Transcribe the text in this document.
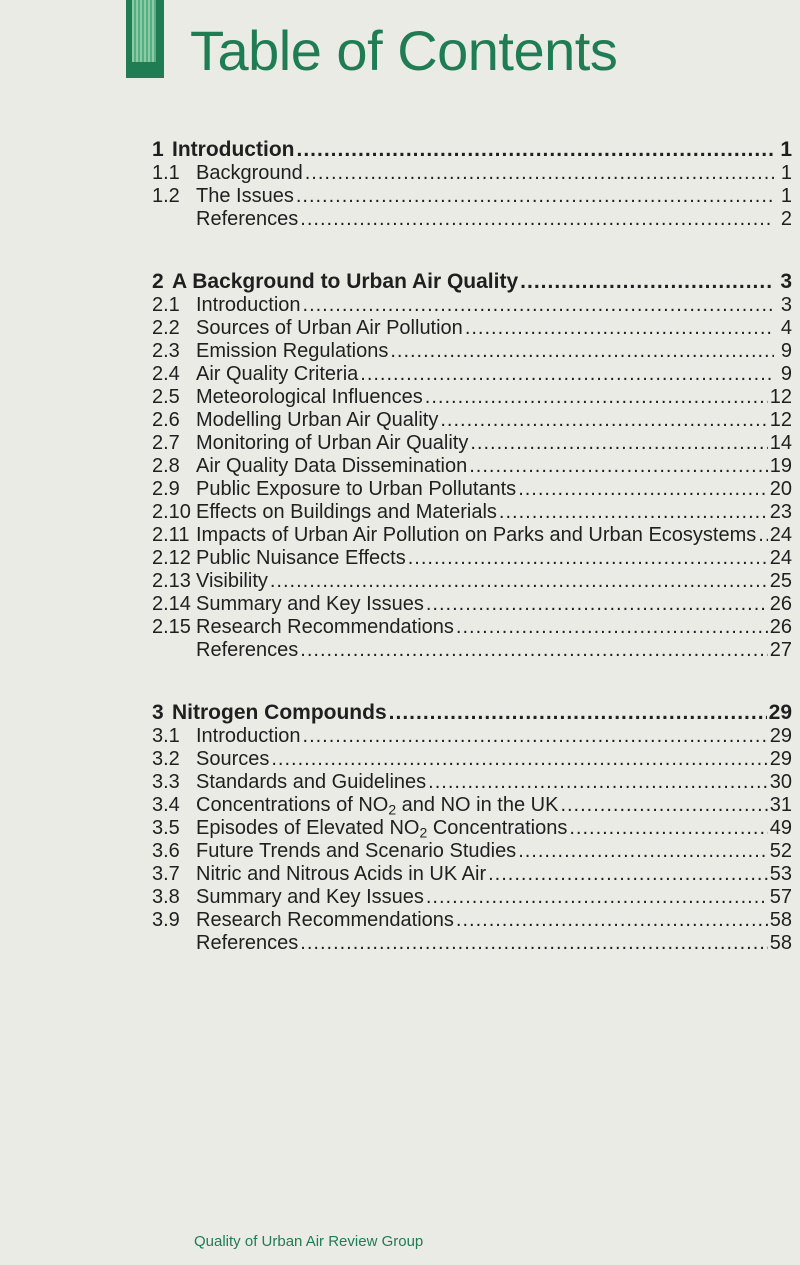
Table of Contents
1 Introduction .....	1
1.1 Background .....	1
1.2 The Issues .....	1
References .....	2
2 A Background to Urban Air Quality .....	3
2.1 Introduction .....	3
2.2 Sources of Urban Air Pollution .....	4
2.3 Emission Regulations .....	9
2.4 Air Quality Criteria .....	9
2.5 Meteorological Influences .....	12
2.6 Modelling Urban Air Quality .....	12
2.7 Monitoring of Urban Air Quality .....	14
2.8 Air Quality Data Dissemination .....	19
2.9 Public Exposure to Urban Pollutants .....	20
2.10 Effects on Buildings and Materials .....	23
2.11 Impacts of Urban Air Pollution on Parks and Urban Ecosystems ..... 24
2.12 Public Nuisance Effects .....	24
2.13 Visibility .....	25
2.14 Summary and Key Issues .....	26
2.15 Research Recommendations .....	26
References .....	27
3 Nitrogen Compounds .....	29
3.1 Introduction .....	29
3.2 Sources .....	29
3.3 Standards and Guidelines .....	30
3.4 Concentrations of $NO_2$ and NO in the UK .....	31
3.5 Episodes of Elevated $NO_2$ Concentrations .....	49
3.6 Future Trends and Scenario Studies .....	52
3.7 Nitric and Nitrous Acids in UK Air .....	53
3.8 Summary and Key Issues .....	57
3.9 Research Recommendations .....	58
References .....	58
Quality of Urban Air Review Group
